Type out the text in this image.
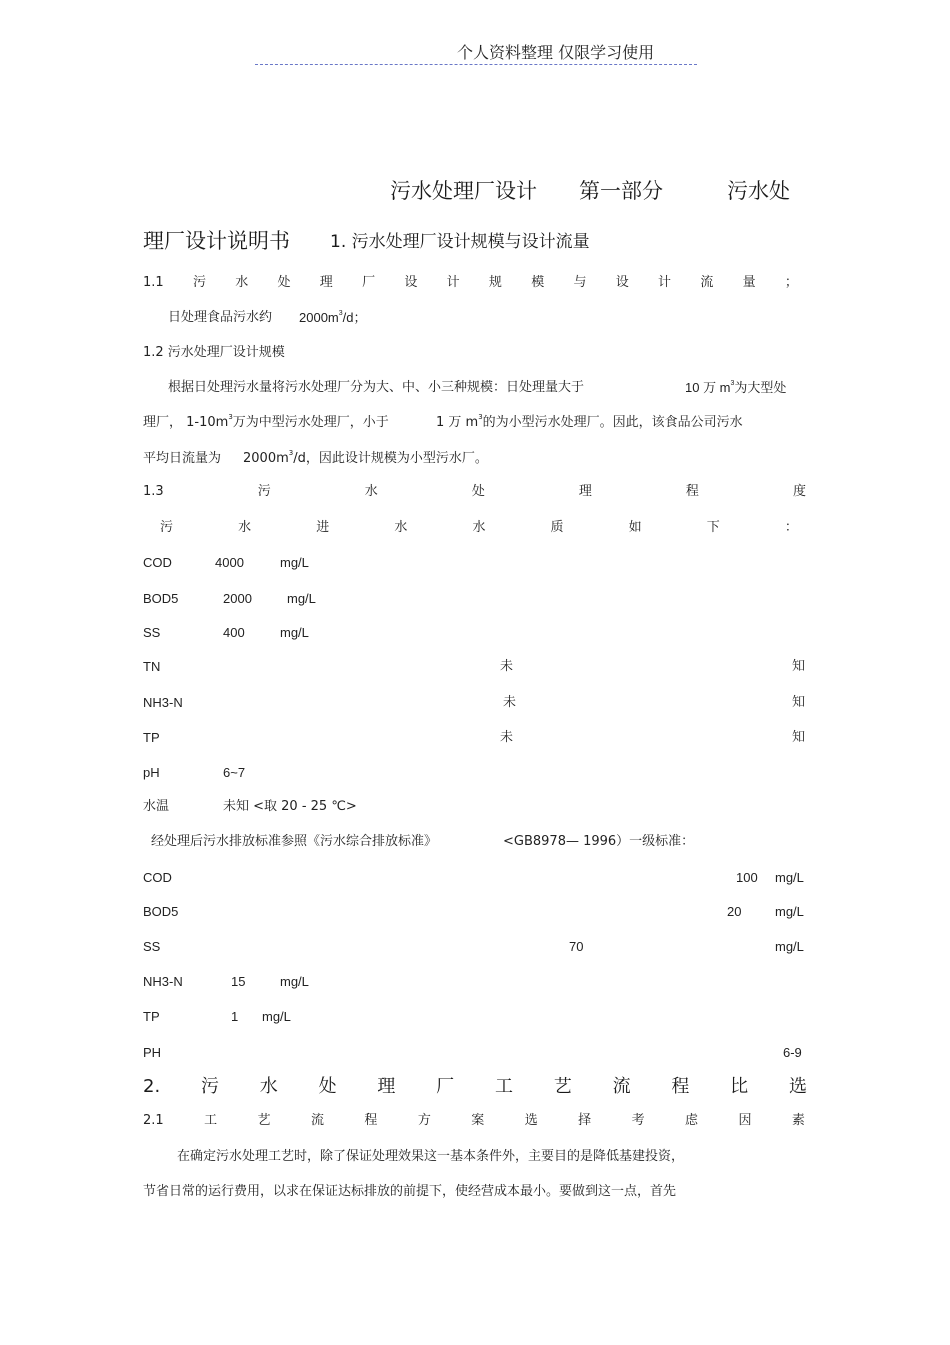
个人资料整理 仅限学习使用
污水处理厂设计 第一部分	污水处
理厂设计说明书 1. 污水处理厂设计规模与设计流量
1.1 污 水 处 理 厂 设 计 规 模 与 设 计 流 量 ；
日处理食品污水约 $2000m^3/d$；
1.2 污水处理厂设计规模
根据日处理污水量将污水处理厂分为大、中、小三种规模：日处理量大于	10 万 $m^3$为大型处
理厂， $1-10m^3$万为中型污水处理厂，小于	1 万 $m^3$的为小型污水处理厂。因此，该食品公司污水
平均日流量为 $2000m^3/d$，因此设计规模为小型污水厂。
1.3	污	水	处	理	程	度
污	水	进	水	水	质	如	下	：
COD	4000	mg/L
BOD5	2000	mg/L
SS	400	mg/L
TN	未	知
NH3-N	未	知
TP	未	知
pH	6~7
水温	未知 <取 20 - 25 ℃>
经处理后污水排放标准参照《污水综合排放标准》	<GB8978— 1996）一级标准：
COD	100 mg/L
BOD5	20	mg/L
SS	70	mg/L
NH3-N	15	mg/L
TP	1 mg/L
PH	6-9
2. 污 水 处 理 厂 工 艺 流 程 比 选
2.1	工	艺	流	程	方	案	选	择	考	虑	因	素
在确定污水处理工艺时，除了保证处理效果这一基本条件外，主要目的是降低基建投资，
节省日常的运行费用，以求在保证达标排放的前提下，使经营成本最小。要做到这一点，首先
